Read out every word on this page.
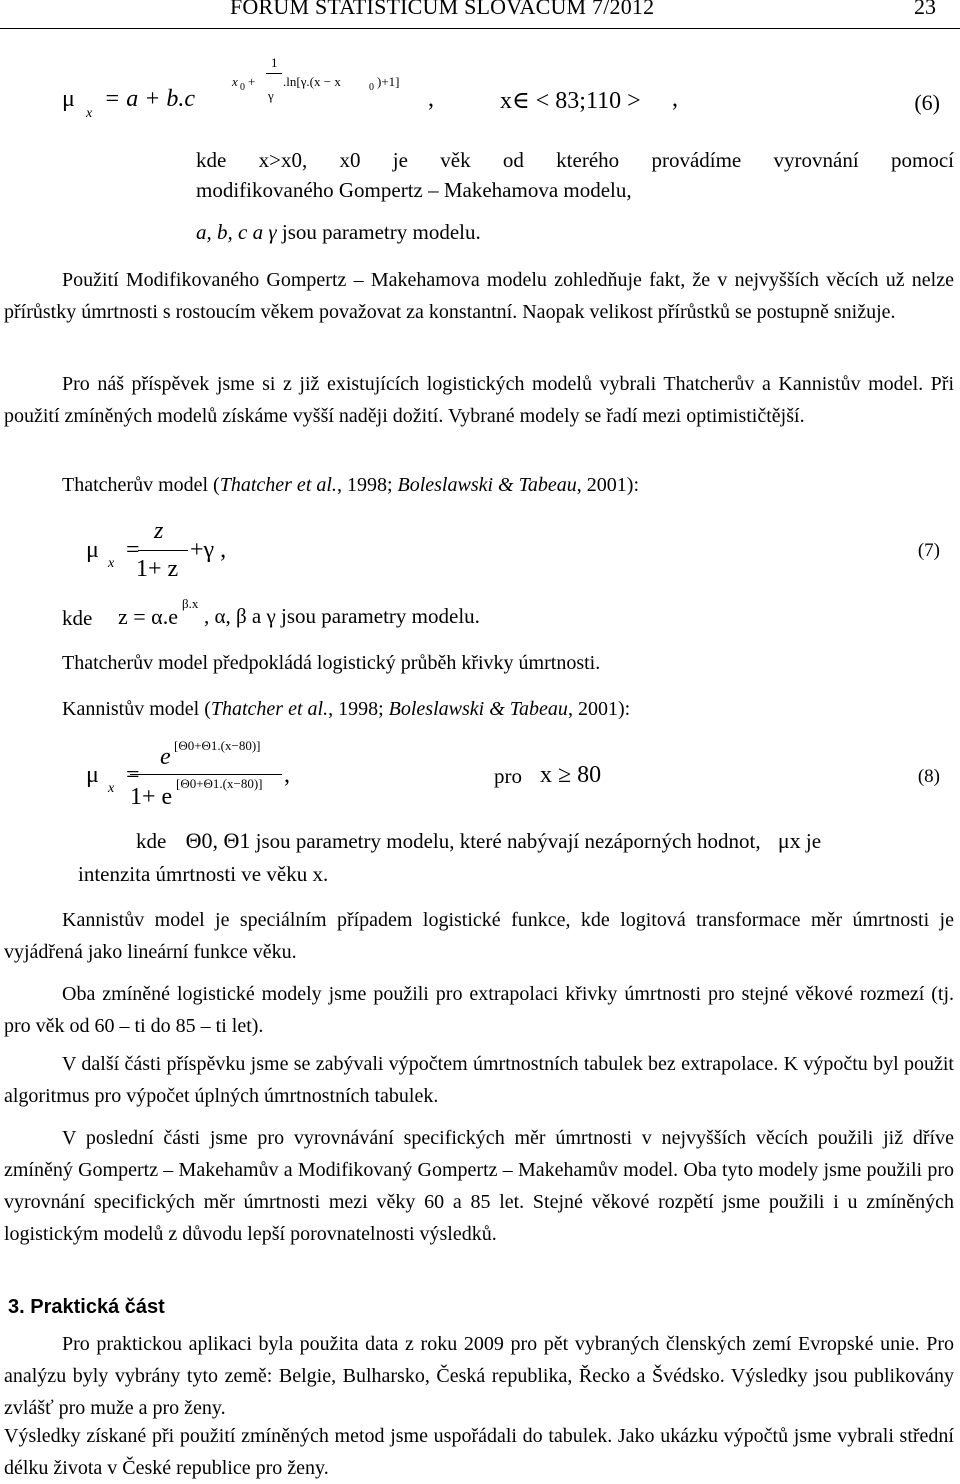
FORUM STATISTICUM SLOVACUM 7/2012	23
μ
x
= a + b.c
1
x 0 + .ln[γ.(x − x	0 )+1]
γ	,	x∈ < 83;110 > ,	(6)
kde x>x0, x0 je věk od kterého provádíme vyrovnání pomocí
modifikovaného Gompertz – Makehamova modelu,
a, b, c a γ jsou parametry modelu.
Použití Modifikovaného Gompertz – Makehamova modelu zohledňuje fakt, že v nejvyšších věcích už nelze přírůstky úmrtnosti s rostoucím věkem považovat za konstantní. Naopak velikost přírůstků se postupně snižuje.
Pro náš příspěvek jsme si z již existujících logistických modelů vybrali Thatcherův a Kannistův model. Při použití zmíněných modelů získáme vyšší naději dožití. Vybrané modely se řadí mezi optimističtější.
Thatcherův model (Thatcher et al., 1998; Boleslawski & Tabeau, 2001):
μ
x
=
z
1+ z
+γ ,	(7)
kde z = α.e
β.x
, α, β a γ jsou parametry modelu.
Thatcherův model předpokládá logistický průběh křivky úmrtnosti.
Kannistův model (Thatcher et al., 1998; Boleslawski & Tabeau, 2001):
μ
x
=
e [Θ0+Θ1.(x−80)]
1+ e
[Θ0+Θ1.(x−80)] ,	pro x ≥ 80	(8)
kde Θ0, Θ1 jsou parametry modelu, které nabývají nezáporných hodnot, μx je
intenzita úmrtnosti ve věku x.
Kannistův model je speciálním případem logistické funkce, kde logitová transformace měr úmrtnosti je vyjádřená jako lineární funkce věku.
Oba zmíněné logistické modely jsme použili pro extrapolaci křivky úmrtnosti pro stejné věkové rozmezí (tj. pro věk od 60 – ti do 85 – ti let).
V další části příspěvku jsme se zabývali výpočtem úmrtnostních tabulek bez extrapolace. K výpočtu byl použit algoritmus pro výpočet úplných úmrtnostních tabulek.
V poslední části jsme pro vyrovnávání specifických měr úmrtnosti v nejvyšších věcích použili již dříve zmíněný Gompertz – Makehamův a Modifikovaný Gompertz – Makehamův model. Oba tyto modely jsme použili pro vyrovnání specifických měr úmrtnosti mezi věky 60 a 85 let. Stejné věkové rozpětí jsme použili i u zmíněných logistickým modelů z důvodu lepší porovnatelnosti výsledků.
3. Praktická část
Pro praktickou aplikaci byla použita data z roku 2009 pro pět vybraných členských zemí Evropské unie. Pro analýzu byly vybrány tyto země: Belgie, Bulharsko, Česká republika, Řecko a Švédsko. Výsledky jsou publikovány zvlášť pro muže a pro ženy.
Výsledky získané při použití zmíněných metod jsme uspořádali do tabulek. Jako ukázku výpočtů jsme vybrali střední délku života v České republice pro ženy.
